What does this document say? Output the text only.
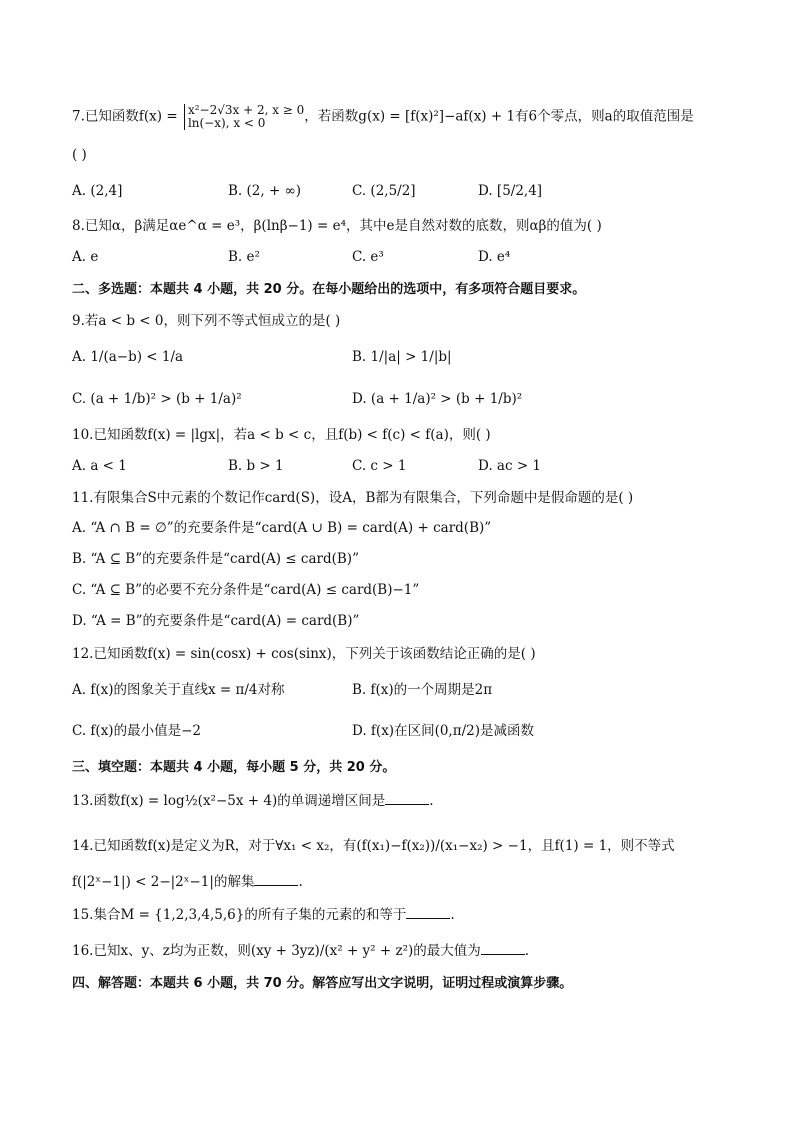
7.已知函数f(x) = x²−2√3x + 2, x ≥ 0
ln(−x), x < 0	，若函数g(x) = [f(x)²]−af(x) + 1有6个零点，则a的取值范围是
( )
A. (2,4]	B. (2, + ∞)	C. (2,5/2]	D. [5/2,4]
8.已知α，β满足αe^α = e³，β(lnβ−1) = e⁴，其中e是自然对数的底数，则αβ的值为( )
A. e	B. e²	C. e³	D. e⁴
二、多选题：本题共 4 小题，共 20 分。在每小题给出的选项中，有多项符合题目要求。
9.若a < b < 0，则下列不等式恒成立的是( )
A. 1/(a−b) < 1/a	B. 1/|a| > 1/|b|
C. (a + 1/b)² > (b + 1/a)²	D. (a + 1/a)² > (b + 1/b)²
10.已知函数f(x) = |lgx|，若a < b < c，且f(b) < f(c) < f(a)，则( )
A. a < 1	B. b > 1	C. c > 1	D. ac > 1
11.有限集合S中元素的个数记作card(S)，设A，B都为有限集合，下列命题中是假命题的是( )
A. “A ∩ B = ∅”的充要条件是“card(A ∪ B) = card(A) + card(B)”
B. “A ⊆ B”的充要条件是“card(A) ≤ card(B)”
C. “A ⊆ B”的必要不充分条件是“card(A) ≤ card(B)−1”
D. “A = B”的充要条件是“card(A) = card(B)”
12.已知函数f(x) = sin(cosx) + cos(sinx)，下列关于该函数结论正确的是( )
A. f(x)的图象关于直线x = π/4对称	B. f(x)的一个周期是2π
C. f(x)的最小值是−2	D. f(x)在区间(0,π/2)是减函数
三、填空题：本题共 4 小题，每小题 5 分，共 20 分。
13.函数f(x) = log½(x²−5x + 4)的单调递增区间是	.
14.已知函数f(x)是定义为R，对于∀x₁ < x₂，有(f(x₁)−f(x₂))/(x₁−x₂) > −1，且f(1) = 1，则不等式
f(|2ˣ−1|) < 2−|2ˣ−1|的解集	.
15.集合M = {1,2,3,4,5,6}的所有子集的元素的和等于	.
16.已知x、y、z均为正数，则(xy + 3yz)/(x² + y² + z²)的最大值为	.
四、解答题：本题共 6 小题，共 70 分。解答应写出文字说明，证明过程或演算步骤。
